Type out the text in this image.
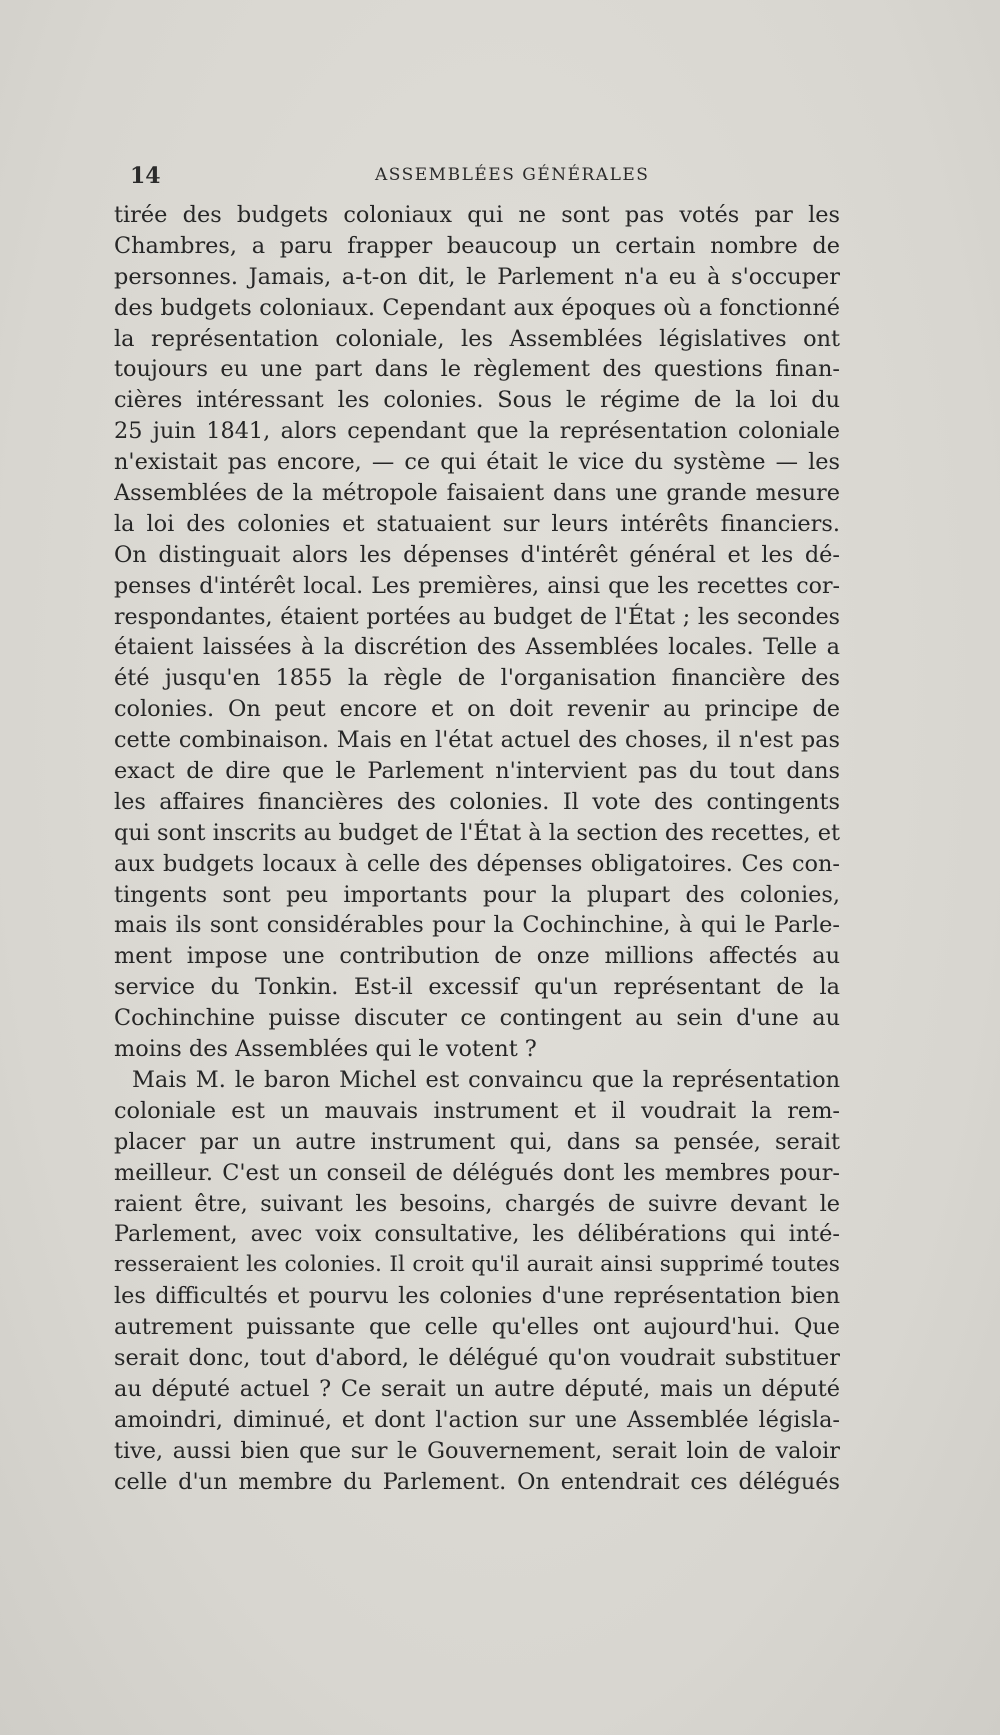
14	ASSEMBLÉES GÉNÉRALES
tirée des budgets coloniaux qui ne sont pas votés par les
Chambres, a paru frapper beaucoup un certain nombre de
personnes. Jamais, a-t-on dit, le Parlement n'a eu à s'occuper
des budgets coloniaux. Cependant aux époques où a fonctionné
la représentation coloniale, les Assemblées législatives ont
toujours eu une part dans le règlement des questions finan-
cières intéressant les colonies. Sous le régime de la loi du
25 juin 1841, alors cependant que la représentation coloniale
n'existait pas encore, — ce qui était le vice du système — les
Assemblées de la métropole faisaient dans une grande mesure
la loi des colonies et statuaient sur leurs intérêts financiers.
On distinguait alors les dépenses d'intérêt général et les dé-
penses d'intérêt local. Les premières, ainsi que les recettes cor-
respondantes, étaient portées au budget de l'État ; les secondes
étaient laissées à la discrétion des Assemblées locales. Telle a
été jusqu'en 1855 la règle de l'organisation financière des
colonies. On peut encore et on doit revenir au principe de
cette combinaison. Mais en l'état actuel des choses, il n'est pas
exact de dire que le Parlement n'intervient pas du tout dans
les affaires financières des colonies. Il vote des contingents
qui sont inscrits au budget de l'État à la section des recettes, et
aux budgets locaux à celle des dépenses obligatoires. Ces con-
tingents sont peu importants pour la plupart des colonies,
mais ils sont considérables pour la Cochinchine, à qui le Parle-
ment impose une contribution de onze millions affectés au
service du Tonkin. Est-il excessif qu'un représentant de la
Cochinchine puisse discuter ce contingent au sein d'une au
moins des Assemblées qui le votent ?
Mais M. le baron Michel est convaincu que la représentation
coloniale est un mauvais instrument et il voudrait la rem-
placer par un autre instrument qui, dans sa pensée, serait
meilleur. C'est un conseil de délégués dont les membres pour-
raient être, suivant les besoins, chargés de suivre devant le
Parlement, avec voix consultative, les délibérations qui inté-
resseraient les colonies. Il croit qu'il aurait ainsi supprimé toutes
les difficultés et pourvu les colonies d'une représentation bien
autrement puissante que celle qu'elles ont aujourd'hui. Que
serait donc, tout d'abord, le délégué qu'on voudrait substituer
au député actuel ? Ce serait un autre député, mais un député
amoindri, diminué, et dont l'action sur une Assemblée législa-
tive, aussi bien que sur le Gouvernement, serait loin de valoir
celle d'un membre du Parlement. On entendrait ces délégués
